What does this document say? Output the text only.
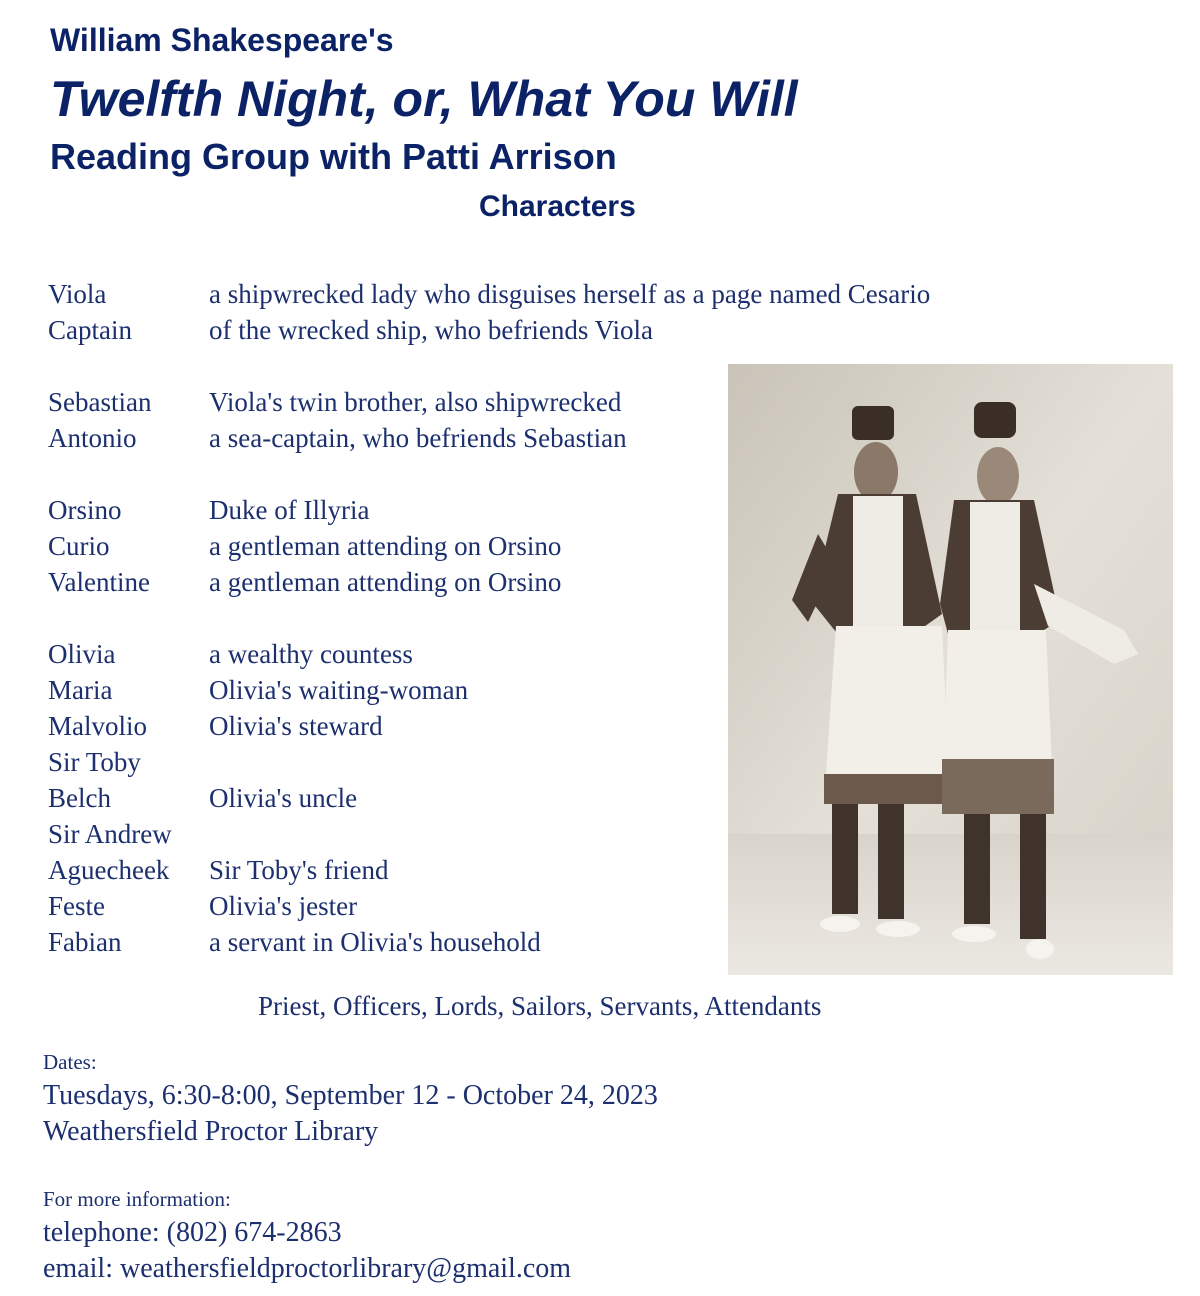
William Shakespeare's
Twelfth Night, or, What You Will
Reading Group with Patti Arrison
Characters
Viola	a shipwrecked lady who disguises herself as a page named Cesario
Captain	of the wrecked ship, who befriends Viola
Sebastian Viola's twin brother, also shipwrecked
Antonio	a sea-captain, who befriends Sebastian
Orsino	Duke of Illyria
Curio	a gentleman attending on Orsino
Valentine a gentleman attending on Orsino
Olivia	a wealthy countess
Maria	Olivia's waiting-woman
Malvolio Olivia's steward
Sir Toby
Belch	Olivia's uncle
Sir Andrew
Aguecheek Sir Toby's friend
Feste	Olivia's jester
Fabian	a servant in Olivia's household
Priest, Officers, Lords, Sailors, Servants, Attendants
Dates:
Tuesdays, 6:30-8:00, September 12 - October 24, 2023
Weathersfield Proctor Library
For more information:
telephone: (802) 674-2863
email: weathersfieldproctorlibrary@gmail.com
